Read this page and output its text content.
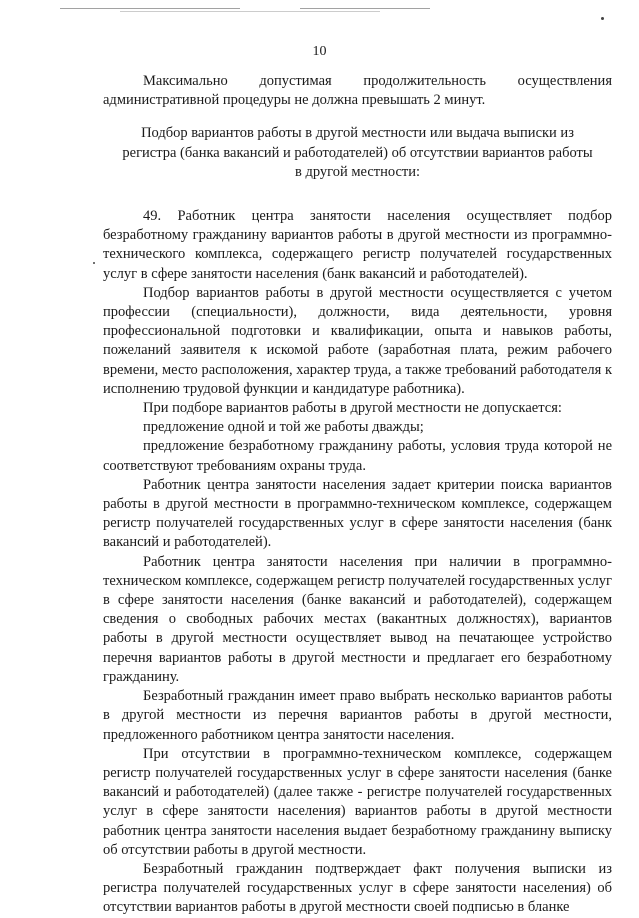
10

Максимально допустимая продолжительность осуществления административной процедуры не должна превышать 2 минут.

Подбор вариантов работы в другой местности или выдача выписки из регистра (банка вакансий и работодателей) об отсутствии вариантов работы в другой местности:

49. Работник центра занятости населения осуществляет подбор безработному гражданину вариантов работы в другой местности из программно-технического комплекса, содержащего регистр получателей государственных услуг в сфере занятости населения (банк вакансий и работодателей).

Подбор вариантов работы в другой местности осуществляется с учетом профессии (специальности), должности, вида деятельности, уровня профессиональной подготовки и квалификации, опыта и навыков работы, пожеланий заявителя к искомой работе (заработная плата, режим рабочего времени, место расположения, характер труда, а также требований работодателя к исполнению трудовой функции и кандидатуре работника).

При подборе вариантов работы в другой местности не допускается:

предложение одной и той же работы дважды;

предложение безработному гражданину работы, условия труда которой не соответствуют требованиям охраны труда.

Работник центра занятости населения задает критерии поиска вариантов работы в другой местности в программно-техническом комплексе, содержащем регистр получателей государственных услуг в сфере занятости населения (банк вакансий и работодателей).

Работник центра занятости населения при наличии в программно-техническом комплексе, содержащем регистр получателей государственных услуг в сфере занятости населения (банке вакансий и работодателей), содержащем сведения о свободных рабочих местах (вакантных должностях), вариантов работы в другой местности осуществляет вывод на печатающее устройство перечня вариантов работы в другой местности и предлагает его безработному гражданину.

Безработный гражданин имеет право выбрать несколько вариантов работы в другой местности из перечня вариантов работы в другой местности, предложенного работником центра занятости населения.

При отсутствии в программно-техническом комплексе, содержащем регистр получателей государственных услуг в сфере занятости населения (банке вакансий и работодателей) (далее также - регистре получателей государственных услуг в сфере занятости населения) вариантов работы в другой местности работник центра занятости населения выдает безработному гражданину выписку об отсутствии работы в другой местности.

Безработный гражданин подтверждает факт получения выписки из регистра получателей государственных услуг в сфере занятости населения) об отсутствии вариантов работы в другой местности своей подписью в бланке
